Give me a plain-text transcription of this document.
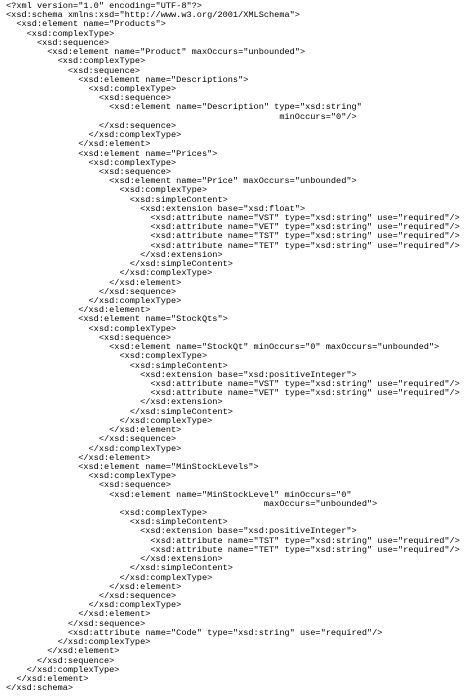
<?xml version="1.0" encoding="UTF-8"?>
<xsd:schema xmlns:xsd="http://www.w3.org/2001/XMLSchema">
<xsd:element name="Products">
<xsd:complexType>
<xsd:sequence>
<xsd:element name="Product" maxOccurs="unbounded">
<xsd:complexType>
<xsd:sequence>
<xsd:element name="Descriptions">
<xsd:complexType>
<xsd:sequence>
<xsd:element name="Description" type="xsd:string"
minOccurs="0"/>
</xsd:sequence>
</xsd:complexType>
</xsd:element>
<xsd:element name="Prices">
<xsd:complexType>
<xsd:sequence>
<xsd:element name="Price" maxOccurs="unbounded">
<xsd:complexType>
<xsd:simpleContent>
<xsd:extension base="xsd:float">
<xsd:attribute name="VST" type="xsd:string" use="required"/>
<xsd:attribute name="VET" type="xsd:string" use="required"/>
<xsd:attribute name="TST" type="xsd:string" use="required"/>
<xsd:attribute name="TET" type="xsd:string" use="required"/>
</xsd:extension>
</xsd:simpleContent>
</xsd:complexType>
</xsd:element>
</xsd:sequence>
</xsd:complexType>
</xsd:element>
<xsd:element name="StockQts">
<xsd:complexType>
<xsd:sequence>
<xsd:element name="StockQt" minOccurs="0" maxOccurs="unbounded">
<xsd:complexType>
<xsd:simpleContent>
<xsd:extension base="xsd:positiveInteger">
<xsd:attribute name="VST" type="xsd:string" use="required"/>
<xsd:attribute name="VET" type="xsd:string" use="required"/>
</xsd:extension>
</xsd:simpleContent>
</xsd:complexType>
</xsd:element>
</xsd:sequence>
</xsd:complexType>
</xsd:element>
<xsd:element name="MinStockLevels">
<xsd:complexType>
<xsd:sequence>
<xsd:element name="MinStockLevel" minOccurs="0"
maxOccurs="unbounded">
<xsd:complexType>
<xsd:simpleContent>
<xsd:extension base="xsd:positiveInteger">
<xsd:attribute name="TST" type="xsd:string" use="required"/>
<xsd:attribute name="TET" type="xsd:string" use="required"/>
</xsd:extension>
</xsd:simpleContent>
</xsd:complexType>
</xsd:element>
</xsd:sequence>
</xsd:complexType>
</xsd:element>
</xsd:sequence>
<xsd:attribute name="Code" type="xsd:string" use="required"/>
</xsd:complexType>
</xsd:element>
</xsd:sequence>
</xsd:complexType>
</xsd:element>
</xsd:schema>
